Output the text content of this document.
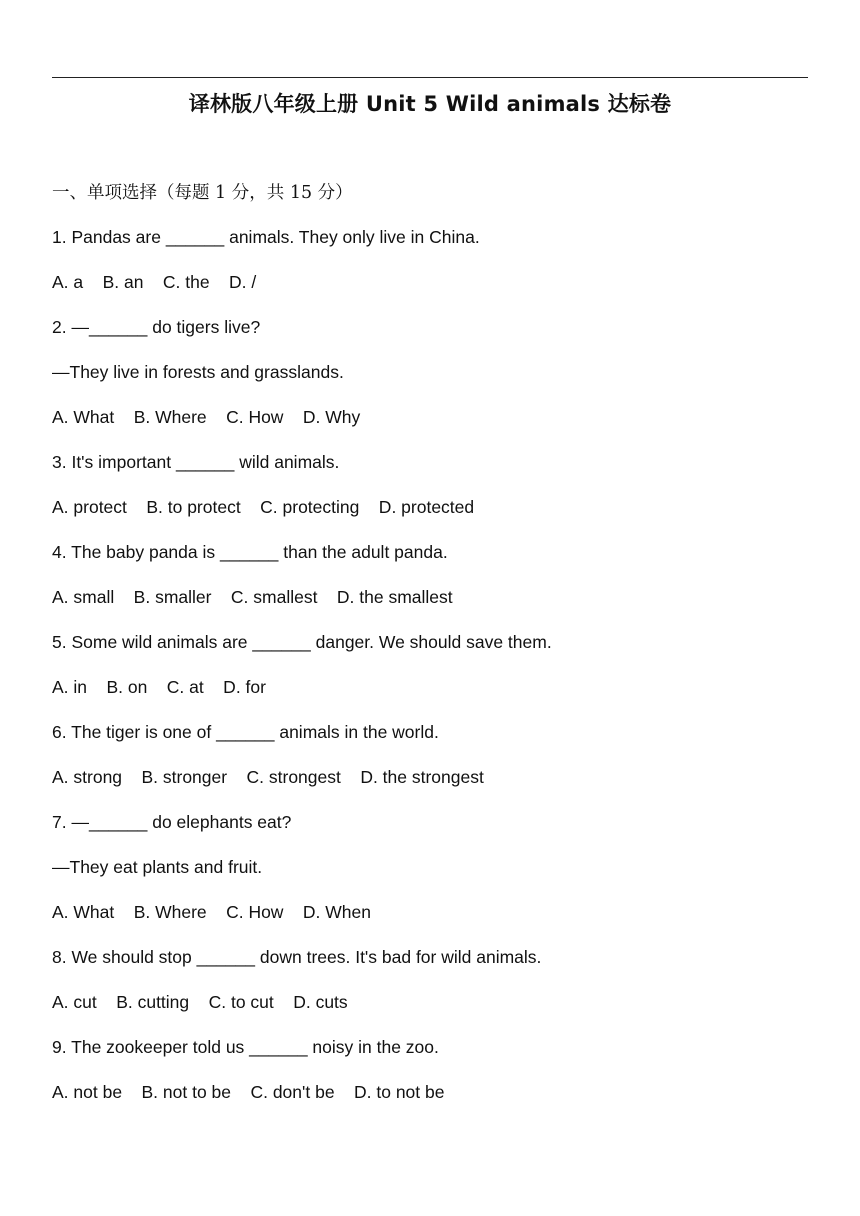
译林版八年级上册 Unit 5 Wild animals 达标卷
一、单项选择（每题 1 分，共 15 分）
1. Pandas are ______ animals. They only live in China.
A. a    B. an    C. the    D. /
2. —______ do tigers live?
—They live in forests and grasslands.
A. What    B. Where    C. How    D. Why
3. It's important ______ wild animals.
A. protect    B. to protect    C. protecting    D. protected
4. The baby panda is ______ than the adult panda.
A. small    B. smaller    C. smallest    D. the smallest
5. Some wild animals are ______ danger. We should save them.
A. in    B. on    C. at    D. for
6. The tiger is one of ______ animals in the world.
A. strong    B. stronger    C. strongest    D. the strongest
7. —______ do elephants eat?
—They eat plants and fruit.
A. What    B. Where    C. How    D. When
8. We should stop ______ down trees. It's bad for wild animals.
A. cut    B. cutting    C. to cut    D. cuts
9. The zookeeper told us ______ noisy in the zoo.
A. not be    B. not to be    C. don't be    D. to not be
